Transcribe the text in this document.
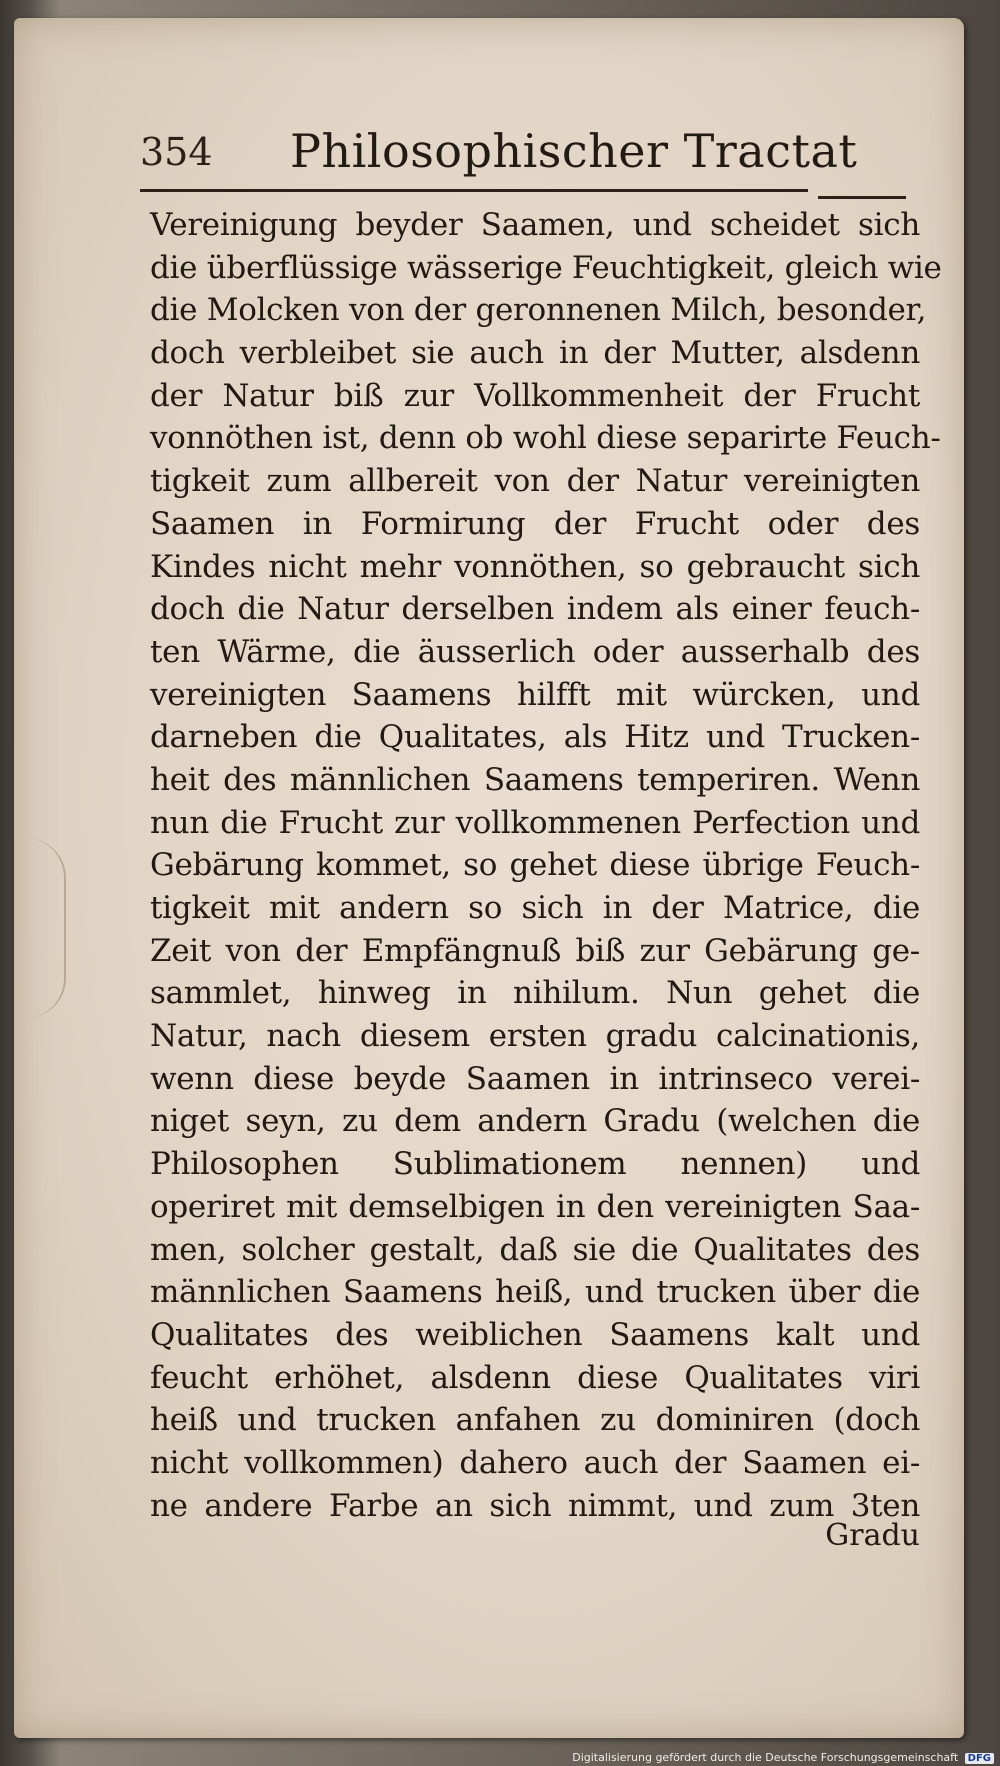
354 Philosophischer Tractat
Vereinigung beyder Saamen, und scheidet sich
die überflüssige wässerige Feuchtigkeit, gleich wie
die Molcken von der geronnenen Milch, besonder,
doch verbleibet sie auch in der Mutter, alsdenn
der Natur biß zur Vollkommenheit der Frucht
vonnöthen ist, denn ob wohl diese separirte Feuch-
tigkeit zum allbereit von der Natur vereinigten
Saamen in Formirung der Frucht oder des
Kindes nicht mehr vonnöthen, so gebraucht sich
doch die Natur derselben indem als einer feuch-
ten Wärme, die äusserlich oder ausserhalb des
vereinigten Saamens hilfft mit würcken, und
darneben die Qualitates, als Hitz und Trucken-
heit des männlichen Saamens temperiren. Wenn
nun die Frucht zur vollkommenen Perfection und
Gebärung kommet, so gehet diese übrige Feuch-
tigkeit mit andern so sich in der Matrice, die
Zeit von der Empfängnuß biß zur Gebärung ge-
sammlet, hinweg in nihilum. Nun gehet die
Natur, nach diesem ersten gradu calcinationis,
wenn diese beyde Saamen in intrinseco verei-
niget seyn, zu dem andern Gradu (welchen die
Philosophen Sublimationem nennen) und
operiret mit demselbigen in den vereinigten Saa-
men, solcher gestalt, daß sie die Qualitates des
männlichen Saamens heiß, und trucken über die
Qualitates des weiblichen Saamens kalt und
feucht erhöhet, alsdenn diese Qualitates viri
heiß und trucken anfahen zu dominiren (doch
nicht vollkommen) dahero auch der Saamen ei-
ne andere Farbe an sich nimmt, und zum 3ten
Gradu
Digitalisierung gefördert durch die Deutsche Forschungsgemeinschaft DFG
